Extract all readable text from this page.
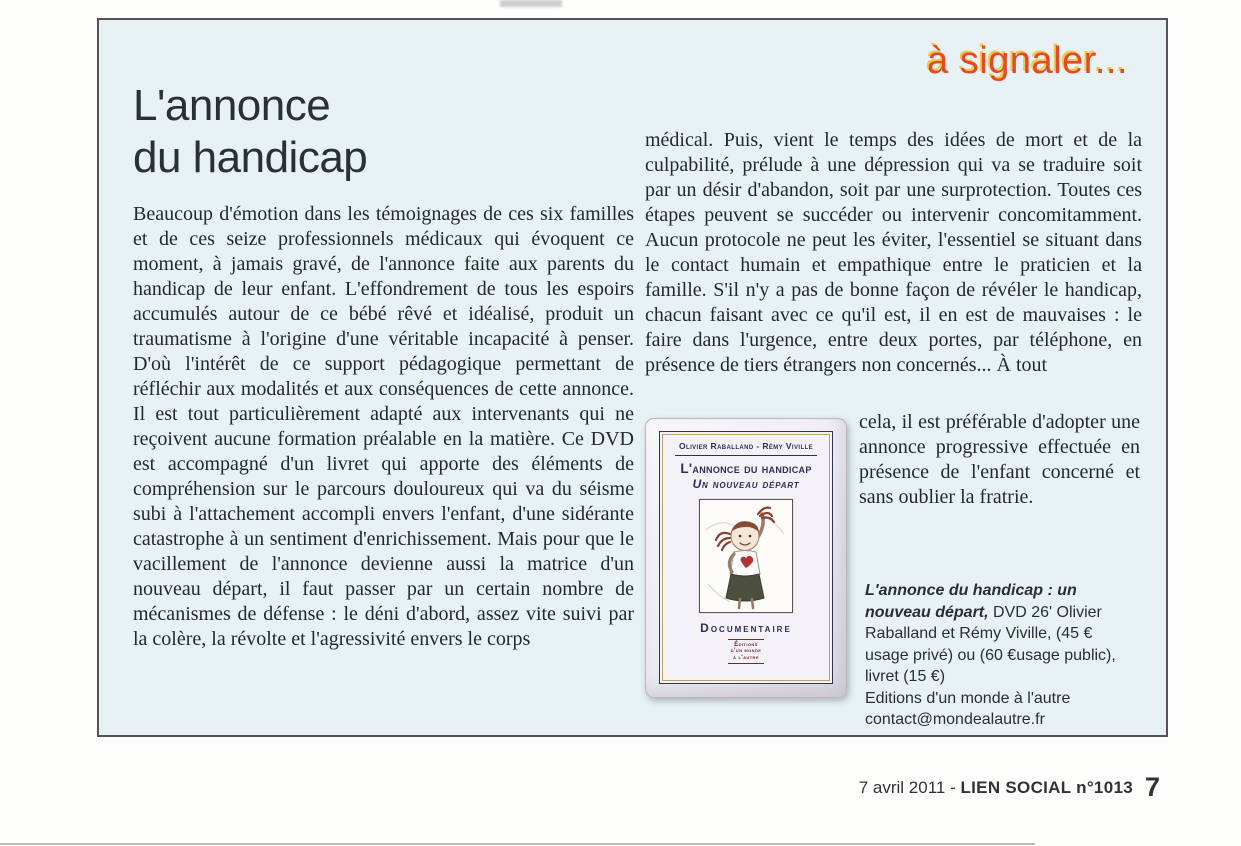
à signaler...
L'annonce
du handicap
Beaucoup d'émotion dans les témoignages de ces six familles et de ces seize professionnels médicaux qui évoquent ce moment, à jamais gravé, de l'annonce faite aux parents du handicap de leur enfant. L'effondrement de tous les espoirs accumulés autour de ce bébé rêvé et idéalisé, produit un traumatisme à l'origine d'une véritable incapacité à penser. D'où l'intérêt de ce support pédagogique permettant de réfléchir aux modalités et aux conséquences de cette annonce. Il est tout particulièrement adapté aux intervenants qui ne reçoivent aucune formation préalable en la matière. Ce DVD est accompagné d'un livret qui apporte des éléments de compréhension sur le parcours douloureux qui va du séisme subi à l'attachement accompli envers l'enfant, d'une sidérante catastrophe à un sentiment d'enrichissement. Mais pour que le vacillement de l'annonce devienne aussi la matrice d'un nouveau départ, il faut passer par un certain nombre de mécanismes de défense : le déni d'abord, assez vite suivi par la colère, la révolte et l'agressivité envers le corps
médical. Puis, vient le temps des idées de mort et de la culpabilité, prélude à une dépression qui va se traduire soit par un désir d'abandon, soit par une surprotection. Toutes ces étapes peuvent se succéder ou intervenir concomitamment. Aucun protocole ne peut les éviter, l'essentiel se situant dans le contact humain et empathique entre le praticien et la famille. S'il n'y a pas de bonne façon de révéler le handicap, chacun faisant avec ce qu'il est, il en est de mauvaises : le faire dans l'urgence, entre deux portes, par téléphone, en présence de tiers étrangers non concernés... À tout
cela, il est préférable d'adopter une annonce progressive effectuée en présence de l'enfant concerné et sans oublier la fratrie.
Olivier Raballand - Rémy Viville
L'annonce du handicap
Un nouveau départ
Documentaire
Éditions
d'un monde
à l'autre
L'annonce du handicap : un nouveau départ, DVD 26' Olivier Raballand et Rémy Viville, (45 € usage privé) ou (60 €usage public), livret (15 €)
Editions d'un monde à l'autre
contact@mondealautre.fr
7 avril 2011 - LIEN SOCIAL n°1013 7
